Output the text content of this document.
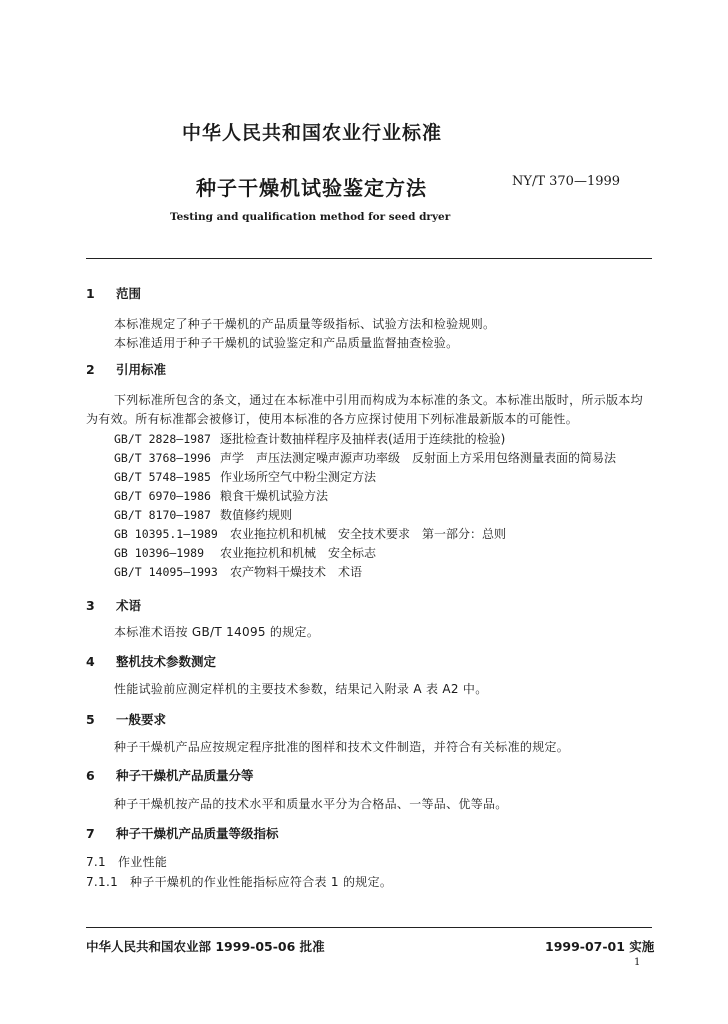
中华人民共和国农业行业标准
种子干燥机试验鉴定方法	NY/T 370—1999
Testing and qualification method for seed dryer
1 范围
本标准规定了种子干燥机的产品质量等级指标、试验方法和检验规则。
本标准适用于种子干燥机的试验鉴定和产品质量监督抽查检验。
2 引用标准
下列标准所包含的条文，通过在本标准中引用而构成为本标准的条文。本标准出版时，所示版本均
为有效。所有标准都会被修订，使用本标准的各方应探讨使用下列标准最新版本的可能性。
GB/T 2828—1987 逐批检查计数抽样程序及抽样表(适用于连续批的检验)
GB/T 3768—1996 声学　声压法测定噪声源声功率级　反射面上方采用包络测量表面的简易法
GB/T 5748—1985 作业场所空气中粉尘测定方法
GB/T 6970—1986 粮食干燥机试验方法
GB/T 8170—1987 数值修约规则
GB 10395.1—1989 农业拖拉机和机械　安全技术要求　第一部分：总则
GB 10396—1989 农业拖拉机和机械　安全标志
GB/T 14095—1993 农产物料干燥技术　术语
3 术语
本标准术语按 GB/T 14095 的规定。
4 整机技术参数测定
性能试验前应测定样机的主要技术参数，结果记入附录 A 表 A2 中。
5 一般要求
种子干燥机产品应按规定程序批准的图样和技术文件制造，并符合有关标准的规定。
6 种子干燥机产品质量分等
种子干燥机按产品的技术水平和质量水平分为合格品、一等品、优等品。
7 种子干燥机产品质量等级指标
7.1 作业性能
7.1.1 种子干燥机的作业性能指标应符合表 1 的规定。
中华人民共和国农业部 1999-05-06 批准	1999-07-01 实施
1
